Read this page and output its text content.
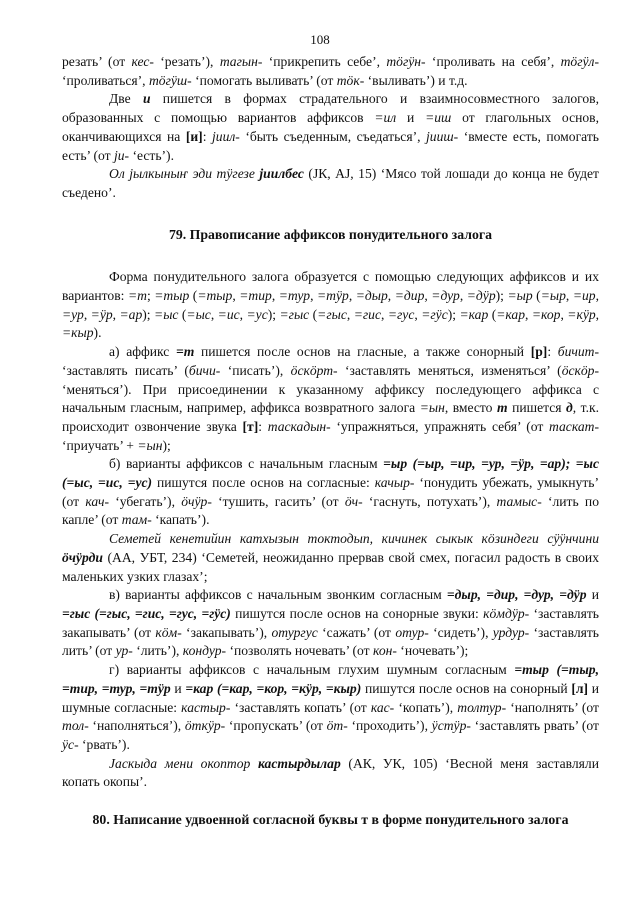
108

резать’ (от кес- ‘резать’), тагын- ‘прикрепить себе’, тӧгӱн- ‘проливать на себя’, тӧгӱл- ‘проливаться’, тӧгӱш- ‘помогать выливать’ (от тӧк- ‘выливать’) и т.д.

Две и пишется в формах страдательного и взаимносовместного залогов, образованных с помощью вариантов аффиксов =ил и =иш от глагольных основ, оканчивающихся на [и]: јиил- ‘быть съеденным, съедаться’, јииш- ‘вместе есть, помогать есть’ (от јu- ‘есть’).

Ол јылкыныҥ эди тӱгезе јиилбес (ЈК, АЈ, 15) ‘Мясо той лошади до конца не будет съедено’.

79. Правописание аффиксов понудительного залога

Форма понудительного залога образуется с помощью следующих аффиксов и их вариантов: =т; =тыр (=тыр, =тир, =тур, =тӱр, =дыр, =дир, =дур, =дӱр); =ыр (=ыр, =ир, =ур, =ӱр, =ар); =ыс (=ыс, =ис, =ус); =гыс (=гыс, =гис, =гус, =гӱс); =кар (=кар, =кор, =кӱр, =кыр).

а) аффикс =т пишется после основ на гласные, а также сонорный [р]: бичит- ‘заставлять писать’ (бичи- ‘писать’), ӧскӧрт- ‘заставлять меняться, изменяться’ (ӧскӧр- ‘меняться’). При присоединении к указанному аффиксу последующего аффикса с начальным гласным, например, аффикса возвратного залога =ын, вместо т пишется д, т.к. происходит озвончение звука [т]: таскадын- ‘упражняться, упражнять себя’ (от таскат- ‘приучать’ + =ын);

б) варианты аффиксов с начальным гласным =ыр (=ыр, =ир, =ур, =ӱр, =ар); =ыс (=ыс, =ис, =ус) пишутся после основ на согласные: качыр- ‘понудить убежать, умыкнуть’ (от кач- ‘убегать’), ӧчӱр- ‘тушить, гасить’ (от ӧч- ‘гаснуть, потухать’), тамыс- ‘лить по капле’ (от там- ‘капать’).

Семетей кенетийин катхызын токтодып, кичинек сыкык кӧзиндеги сӱӱнчини ӧчӱрди (АА, УБТ, 234) ‘Семетей, неожиданно прервав свой смех, погасил радость в своих маленьких узких глазах’;

в) варианты аффиксов с начальным звонким согласным =дыр, =дир, =дур, =дӱр и =гыс (=гыс, =гис, =гус, =гӱс) пишутся после основ на сонорные звуки: кӧмдӱр- ‘заставлять закапывать’ (от кӧм- ‘закапывать’), отургус ‘сажать’ (от отур- ‘сидеть’), урдур- ‘заставлять лить’ (от ур- ‘лить’), кондур- ‘позволять ночевать’ (от кон- ‘ночевать’);

г) варианты аффиксов с начальным глухим шумным согласным =тыр (=тыр, =тир, =тур, =тӱр и =кар (=кар, =кор, =кӱр, =кыр) пишутся после основ на сонорный [л] и шумные согласные: кастыр- ‘заставлять копать’ (от кас- ‘копать’), толтур- ‘наполнять’ (от тол- ‘наполняться’), ӧткӱр- ‘пропускать’ (от ӧт- ‘проходить’), ӱстӱр- ‘заставлять рвать’ (от ӱс- ‘рвать’).

Јаскыда мени окоптор кастырдылар (АК, УК, 105) ‘Весной меня заставляли копать окопы’.

80. Написание удвоенной согласной буквы т в форме понудительного залога
